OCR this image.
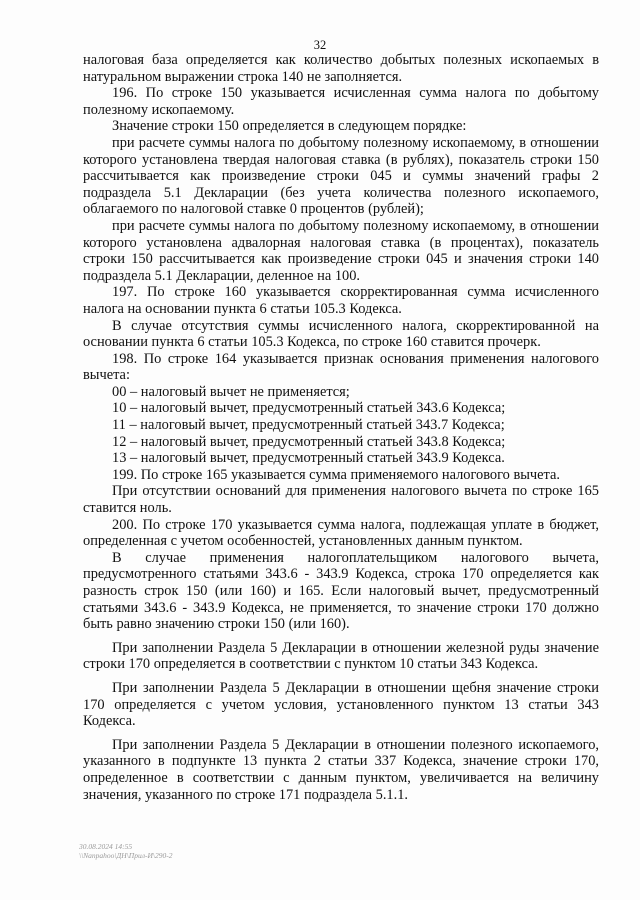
32

налоговая база определяется как количество добытых полезных ископаемых в натуральном выражении строка 140 не заполняется.

196. По строке 150 указывается исчисленная сумма налога по добытому полезному ископаемому.

Значение строки 150 определяется в следующем порядке:

при расчете суммы налога по добытому полезному ископаемому, в отношении которого установлена твердая налоговая ставка (в рублях), показатель строки 150 рассчитывается как произведение строки 045 и суммы значений графы 2 подраздела 5.1 Декларации (без учета количества полезного ископаемого, облагаемого по налоговой ставке 0 процентов (рублей);

при расчете суммы налога по добытому полезному ископаемому, в отношении которого установлена адвалорная налоговая ставка (в процентах), показатель строки 150 рассчитывается как произведение строки 045 и значения строки 140 подраздела 5.1 Декларации, деленное на 100.

197. По строке 160 указывается скорректированная сумма исчисленного налога на основании пункта 6 статьи 105.3 Кодекса.

В случае отсутствия суммы исчисленного налога, скорректированной на основании пункта 6 статьи 105.3 Кодекса, по строке 160 ставится прочерк.

198. По строке 164 указывается признак основания применения налогового вычета:

00 – налоговый вычет не применяется;

10 – налоговый вычет, предусмотренный статьей 343.6 Кодекса;

11 – налоговый вычет, предусмотренный статьей 343.7 Кодекса;

12 – налоговый вычет, предусмотренный статьей 343.8 Кодекса;

13 – налоговый вычет, предусмотренный статьей 343.9 Кодекса.

199. По строке 165 указывается сумма применяемого налогового вычета.

При отсутствии оснований для применения налогового вычета по строке 165 ставится ноль.

200. По строке 170 указывается сумма налога, подлежащая уплате в бюджет, определенная с учетом особенностей, установленных данным пунктом.

В случае применения налогоплательщиком налогового вычета, предусмотренного статьями 343.6 - 343.9 Кодекса, строка 170 определяется как разность строк 150 (или 160) и 165. Если налоговый вычет, предусмотренный статьями 343.6 - 343.9 Кодекса, не применяется, то значение строки 170 должно быть равно значению строки 150 (или 160).

При заполнении Раздела 5 Декларации в отношении железной руды значение строки 170 определяется в соответствии с пунктом 10 статьи 343 Кодекса.

При заполнении Раздела 5 Декларации в отношении щебня значение строки 170 определяется с учетом условия, установленного пунктом 13 статьи 343 Кодекса.

При заполнении Раздела 5 Декларации в отношении полезного ископаемого, указанного в подпункте 13 пункта 2 статьи 337 Кодекса, значение строки 170, определенное в соответствии с данным пунктом, увеличивается на величину значения, указанного по строке 171 подраздела 5.1.1.

30.08.2024 14:55
\\Nanpahoo\ДН\Прил-И\290-2
